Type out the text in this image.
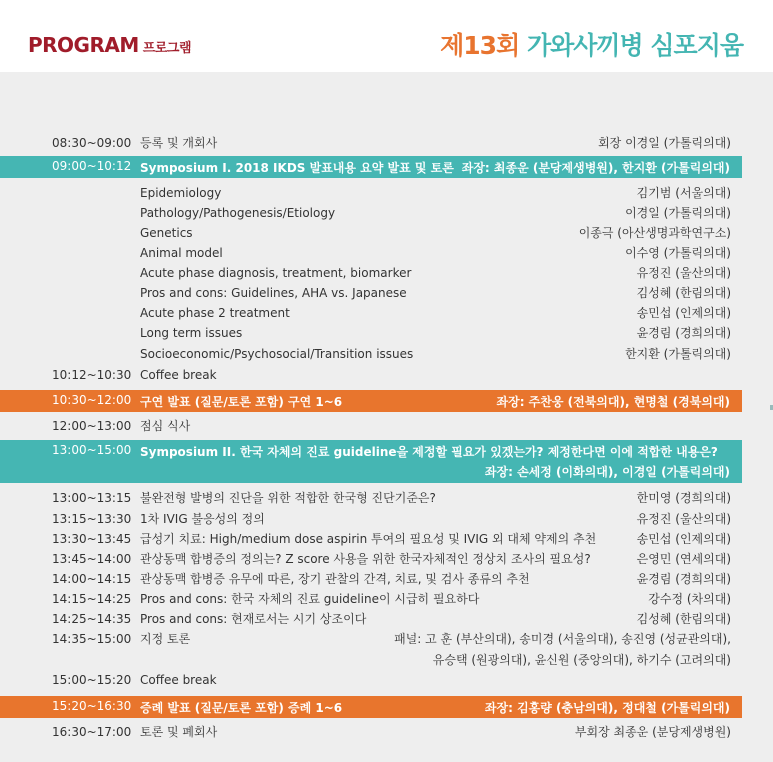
PROGRAM 프로그램	제13회 가와사끼병 심포지움
08:30~09:00 등록 및 개회사	회장 이경일 (가톨릭의대)
09:00~10:12 Symposium I. 2018 IKDS 발표내용 요약 발표 및 토론 좌장: 최종운 (분당제생병원), 한지환 (가톨릭의대)
Epidemiology	김기범 (서울의대)
Pathology/Pathogenesis/Etiology	이경일 (가톨릭의대)
Genetics	이종극 (아산생명과학연구소)
Animal model	이수영 (가톨릭의대)
Acute phase diagnosis, treatment, biomarker	유정진 (울산의대)
Pros and cons: Guidelines, AHA vs. Japanese	김성혜 (한림의대)
Acute phase 2 treatment	송민섭 (인제의대)
Long term issues	윤경림 (경희의대)
Socioeconomic/Psychosocial/Transition issues	한지환 (가톨릭의대)
10:12~10:30 Coffee break
10:30~12:00 구연 발표 (질문/토론 포함) 구연 1~6	좌장: 주찬웅 (전북의대), 현명철 (경북의대)
12:00~13:00 점심 식사
13:00~15:00 Symposium II. 한국 자체의 진료 guideline을 제정할 필요가 있겠는가? 제정한다면 이에 적합한 내용은?
좌장: 손세정 (이화의대), 이경일 (가톨릭의대)
13:00~13:15 불완전형 발병의 진단을 위한 적합한 한국형 진단기준은?	한미영 (경희의대)
13:15~13:30 1차 IVIG 불응성의 정의	유정진 (울산의대)
13:30~13:45 급성기 치료: High/medium dose aspirin 투여의 필요성 및 IVIG 외 대체 약제의 추천	송민섭 (인제의대)
13:45~14:00 관상동맥 합병증의 정의는? Z score 사용을 위한 한국자체적인 정상치 조사의 필요성?	은영민 (연세의대)
14:00~14:15 관상동맥 합병증 유무에 따른, 장기 관찰의 간격, 치료, 및 검사 종류의 추천	윤경림 (경희의대)
14:15~14:25 Pros and cons: 한국 자체의 진료 guideline이 시급히 필요하다	강수정 (차의대)
14:25~14:35 Pros and cons: 현재로서는 시기 상조이다	김성혜 (한림의대)
14:35~15:00 지정 토론	패널: 고 훈 (부산의대), 송미경 (서울의대), 송진영 (성균관의대),
유승택 (원광의대), 윤신원 (중앙의대), 하기수 (고려의대)
15:00~15:20 Coffee break
15:20~16:30 증례 발표 (질문/토론 포함) 증례 1~6	좌장: 김홍량 (충남의대), 정대철 (가톨릭의대)
16:30~17:00 토론 및 폐회사	부회장 최종운 (분당제생병원)
